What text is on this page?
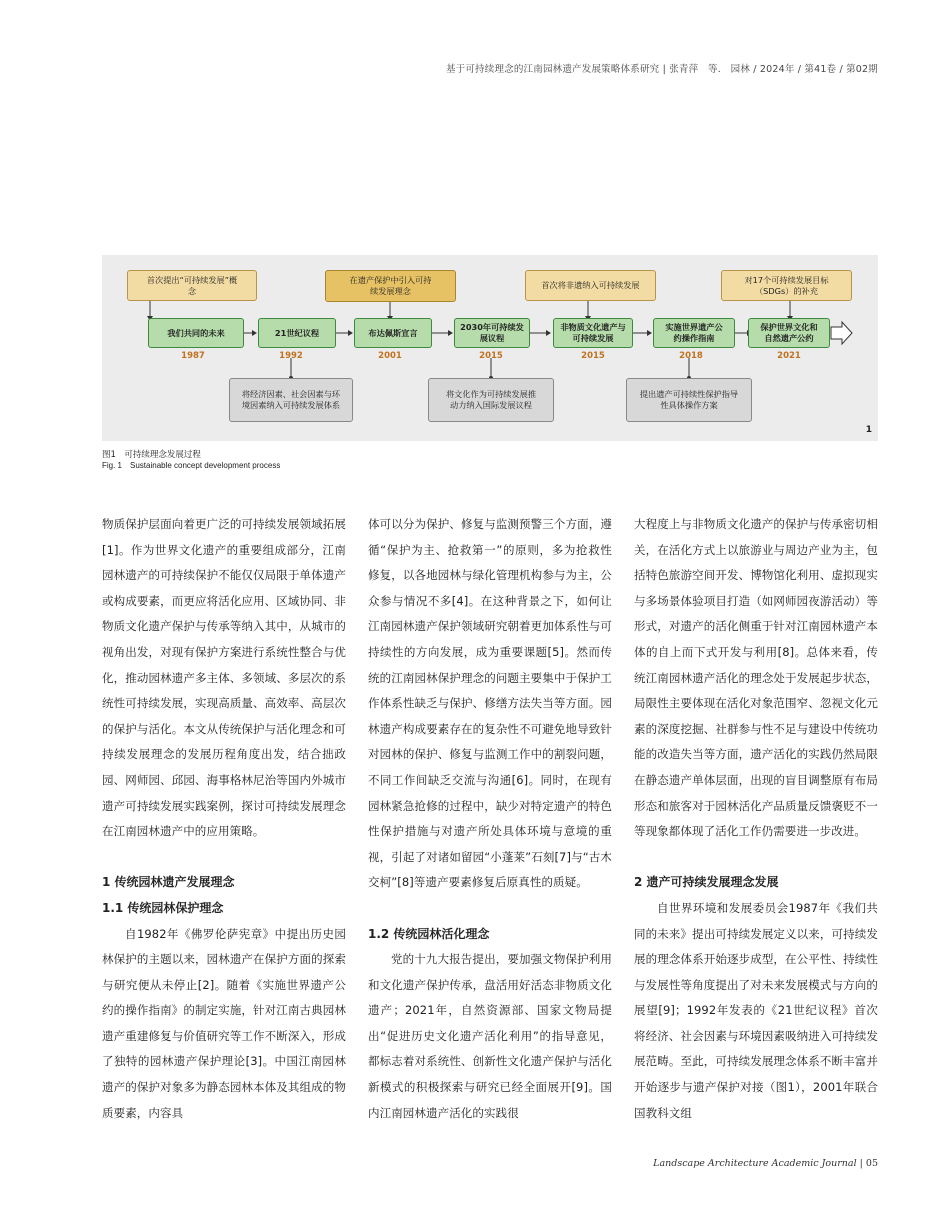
基于可持续理念的江南园林遗产发展策略体系研究 | 张青萍　等.　园林 / 2024年 / 第41卷 / 第02期
首次提出“可持续发展”概念
在遗产保护中引入可持续发展理念
首次将非遗纳入可持续发展
对17个可持续发展目标（SDGs）的补充
我们共同的未来	21世纪议程	布达佩斯宣言
2030年可持续发展议程
非物质文化遗产与可持续发展
实施世界遗产公约操作指南
保护世界文化和自然遗产公约
1987	1992	2001	2015	2015	2018	2021
将经济因素、社会因素与环境因素纳入可持续发展体系
将文化作为可持续发展推动力纳入国际发展议程
提出遗产可持续性保护指导性具体操作方案
1
图1　可持续理念发展过程
Fig. 1　Sustainable concept development process

物质保护层面向着更广泛的可持续发展领域拓展[1]。作为世界文化遗产的重要组成部分，江南园林遗产的可持续保护不能仅仅局限于单体遗产或构成要素，而更应将活化应用、区域协同、非物质文化遗产保护与传承等纳入其中，从城市的视角出发，对现有保护方案进行系统性整合与优化，推动园林遗产多主体、多领域、多层次的系统性可持续发展，实现高质量、高效率、高层次的保护与活化。本文从传统保护与活化理念和可持续发展理念的发展历程角度出发，结合拙政园、网师园、邱园、海事格林尼治等国内外城市遗产可持续发展实践案例，探讨可持续发展理念在江南园林遗产中的应用策略。

1 传统园林遗产发展理念
1.1 传统园林保护理念

自1982年《佛罗伦萨宪章》中提出历史园林保护的主题以来，园林遗产在保护方面的探索与研究便从未停止[2]。随着《实施世界遗产公约的操作指南》的制定实施，针对江南古典园林遗产重建修复与价值研究等工作不断深入，形成了独特的园林遗产保护理论[3]。中国江南园林遗产的保护对象多为静态园林本体及其组成的物质要素，内容具

体可以分为保护、修复与监测预警三个方面，遵循“保护为主、抢救第一”的原则，多为抢救性修复，以各地园林与绿化管理机构参与为主，公众参与情况不多[4]。在这种背景之下，如何让江南园林遗产保护领域研究朝着更加体系性与可持续性的方向发展，成为重要课题[5]。然而传统的江南园林保护理念的问题主要集中于保护工作体系性缺乏与保护、修缮方法失当等方面。园林遗产构成要素存在的复杂性不可避免地导致针对园林的保护、修复与监测工作中的割裂问题，不同工作间缺乏交流与沟通[6]。同时，在现有园林紧急抢修的过程中，缺少对特定遗产的特色性保护措施与对遗产所处具体环境与意境的重视，引起了对诸如留园“小蓬莱”石刻[7]与“古木交柯”[8]等遗产要素修复后原真性的质疑。

1.2 传统园林活化理念

党的十九大报告提出，要加强文物保护利用和文化遗产保护传承，盘活用好活态非物质文化遗产；2021年，自然资源部、国家文物局提出“促进历史文化遗产活化利用”的指导意见，都标志着对系统性、创新性文化遗产保护与活化新模式的积极探索与研究已经全面展开[9]。国内江南园林遗产活化的实践很

大程度上与非物质文化遗产的保护与传承密切相关，在活化方式上以旅游业与周边产业为主，包括特色旅游空间开发、博物馆化利用、虚拟现实与多场景体验项目打造（如网师园夜游活动）等形式，对遗产的活化侧重于针对江南园林遗产本体的自上而下式开发与利用[8]。总体来看，传统江南园林遗产活化的理念处于发展起步状态，局限性主要体现在活化对象范围窄、忽视文化元素的深度挖掘、社群参与性不足与建设中传统功能的改造失当等方面，遗产活化的实践仍然局限在静态遗产单体层面，出现的盲目调整原有布局形态和旅客对于园林活化产品质量反馈褒贬不一等现象都体现了活化工作仍需要进一步改进。

2 遗产可持续发展理念发展

自世界环境和发展委员会1987年《我们共同的未来》提出可持续发展定义以来，可持续发展的理念体系开始逐步成型，在公平性、持续性与发展性等角度提出了对未来发展模式与方向的展望[9]；1992年发表的《21世纪议程》首次将经济、社会因素与环境因素吸纳进入可持续发展范畴。至此，可持续发展理念体系不断丰富并开始逐步与遗产保护对接（图1），2001年联合国教科文组

Landscape Architecture Academic Journal | 05
